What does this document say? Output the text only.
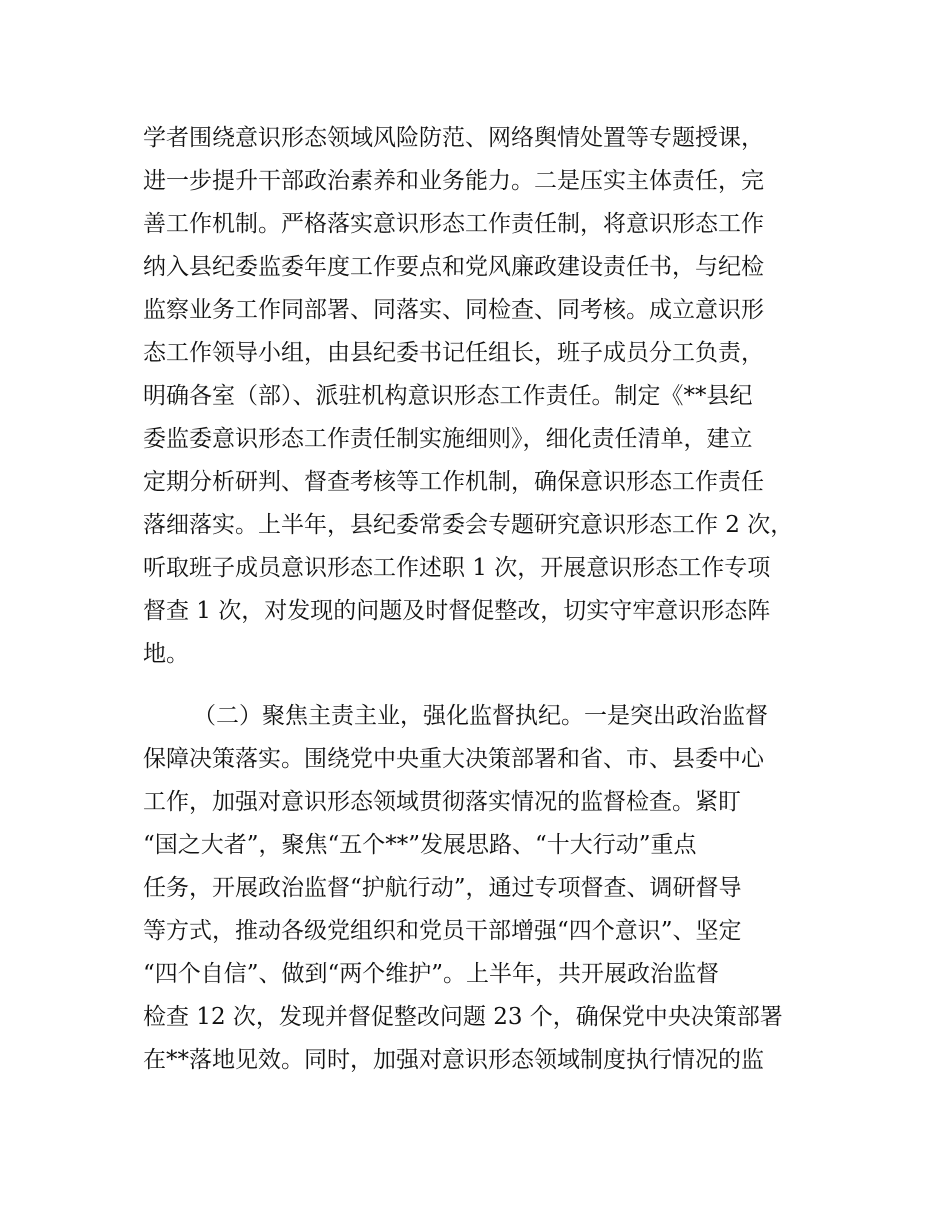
学者围绕意识形态领域风险防范、网络舆情处置等专题授课，
进一步提升干部政治素养和业务能力。二是压实主体责任，完
善工作机制。严格落实意识形态工作责任制，将意识形态工作
纳入县纪委监委年度工作要点和党风廉政建设责任书，与纪检
监察业务工作同部署、同落实、同检查、同考核。成立意识形
态工作领导小组，由县纪委书记任组长，班子成员分工负责，
明确各室（部）、派驻机构意识形态工作责任。制定《**县纪
委监委意识形态工作责任制实施细则》，细化责任清单，建立
定期分析研判、督查考核等工作机制，确保意识形态工作责任
落细落实。上半年，县纪委常委会专题研究意识形态工作 2 次，
听取班子成员意识形态工作述职 1 次，开展意识形态工作专项
督查 1 次，对发现的问题及时督促整改，切实守牢意识形态阵
地。
（二）聚焦主责主业，强化监督执纪。一是突出政治监督
保障决策落实。围绕党中央重大决策部署和省、市、县委中心
工作，加强对意识形态领域贯彻落实情况的监督检查。紧盯
“国之大者”，聚焦“五个**”发展思路、“十大行动”重点
任务，开展政治监督“护航行动”，通过专项督查、调研督导
等方式，推动各级党组织和党员干部增强“四个意识”、坚定
“四个自信”、做到“两个维护”。上半年，共开展政治监督
检查 12 次，发现并督促整改问题 23 个，确保党中央决策部署
在**落地见效。同时，加强对意识形态领域制度执行情况的监
